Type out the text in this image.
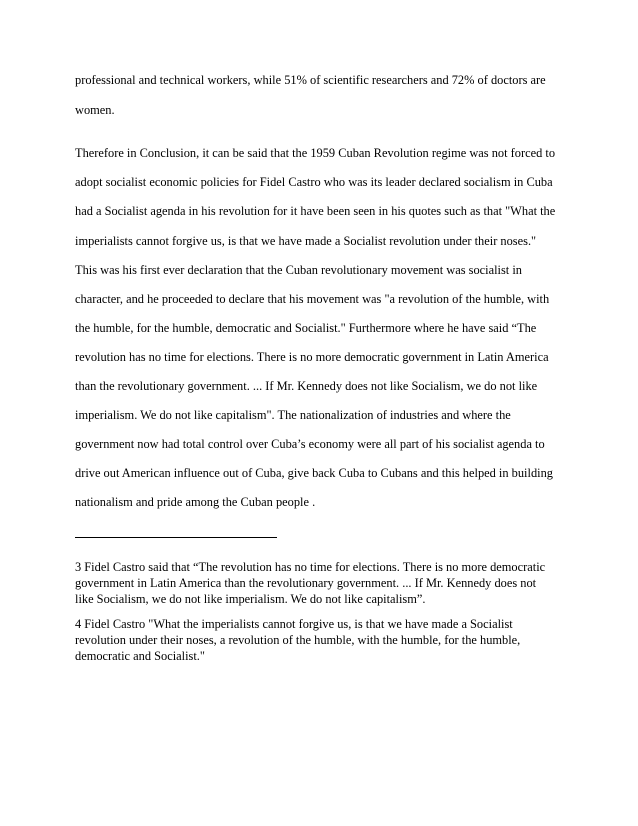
professional and technical workers, while 51% of scientific researchers and 72% of doctors are
women.
Therefore in Conclusion, it can be said that the 1959 Cuban Revolution regime was not forced to
adopt socialist economic policies for Fidel Castro who was its leader declared socialism in Cuba
had a Socialist agenda in his revolution for it have been seen in his quotes such as that "What the
imperialists cannot forgive us, is that we have made a Socialist revolution under their noses."
This was his first ever declaration that the Cuban revolutionary movement was socialist in
character, and he proceeded to declare that his movement was "a revolution of the humble, with
the humble, for the humble, democratic and Socialist." Furthermore where he have said “The
revolution has no time for elections. There is no more democratic government in Latin America
than the revolutionary government. ... If Mr. Kennedy does not like Socialism, we do not like
imperialism. We do not like capitalism". The nationalization of industries and where the
government now had total control over Cuba’s economy were all part of his socialist agenda to
drive out American influence out of Cuba, give back Cuba to Cubans and this helped in building
nationalism and pride among the Cuban people .
3 Fidel Castro said that “The revolution has no time for elections. There is no more democratic
government in Latin America than the revolutionary government. ... If Mr. Kennedy does not
like Socialism, we do not like imperialism. We do not like capitalism”.
4 Fidel Castro "What the imperialists cannot forgive us, is that we have made a Socialist
revolution under their noses, a revolution of the humble, with the humble, for the humble,
democratic and Socialist."
